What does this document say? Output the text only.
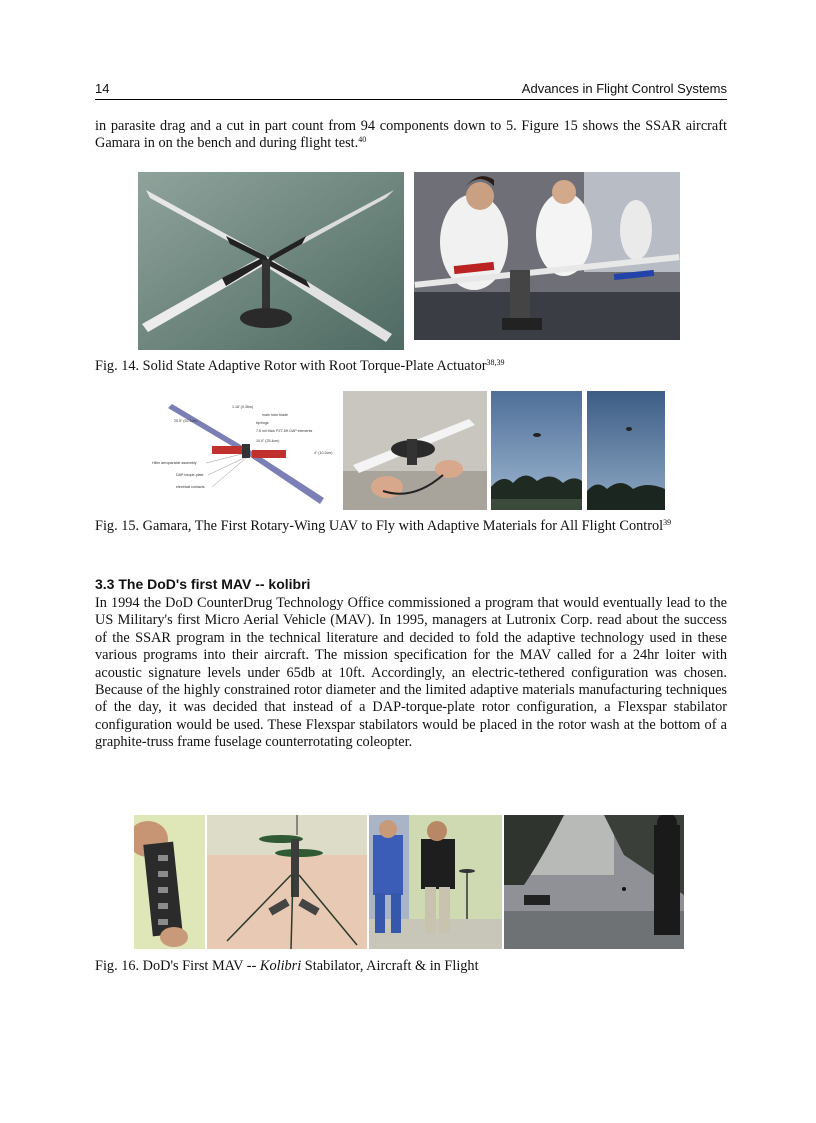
14	Advances in Flight Control Systems
in parasite drag and a cut in part count from 94 components down to 5. Figure 15 shows the SSAR aircraft Gamara in on the bench and during flight test.$^{40}$
Fig. 14. Solid State Adaptive Rotor with Root Torque-Plate Actuator$^{38,39}$
1.18' (0.36m)
20.5" (52.1cm)
main rotor blade
tip/rings
7.6 mil thick PZT-5H DAP elements
10.0" (25.4cm)
4" (10.2cm)
Hiller aeroparable assembly
DAP torque-plate
electrical contacts
Fig. 15. Gamara, The First Rotary-Wing UAV to Fly with Adaptive Materials for All Flight Control$^{39}$
3.3 The DoD's first MAV -- kolibri
In 1994 the DoD CounterDrug Technology Office commissioned a program that would eventually lead to the US Military's first Micro Aerial Vehicle (MAV). In 1995, managers at Lutronix Corp. read about the success of the SSAR program in the technical literature and decided to fold the adaptive technology used in these various programs into their aircraft. The mission specification for the MAV called for a 24hr loiter with acoustic signature levels under 65db at 10ft. Accordingly, an electric-tethered configuration was chosen. Because of the highly constrained rotor diameter and the limited adaptive materials manufacturing techniques of the day, it was decided that instead of a DAP-torque-plate rotor configuration, a Flexspar stabilator configuration would be used. These Flexspar stabilators would be placed in the rotor wash at the bottom of a graphite-truss frame fuselage counterrotating coleopter.
Fig. 16. DoD's First MAV -- Kolibri Stabilator, Aircraft & in Flight
